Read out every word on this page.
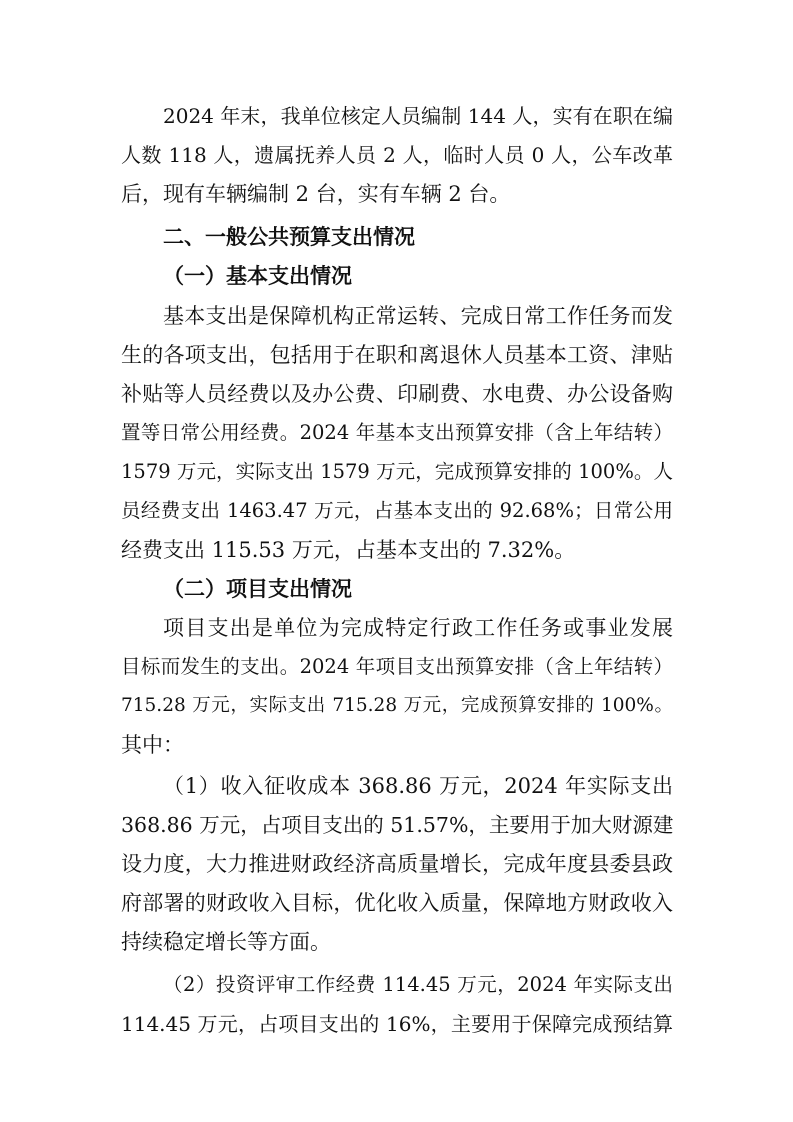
2024 年末，我单位核定人员编制 144 人，实有在职在编
人数 118 人，遗属抚养人员 2 人，临时人员 0 人，公车改革
后，现有车辆编制 2 台，实有车辆 2 台。
二、一般公共预算支出情况
（一）基本支出情况
基本支出是保障机构正常运转、完成日常工作任务而发
生的各项支出，包括用于在职和离退休人员基本工资、津贴
补贴等人员经费以及办公费、印刷费、水电费、办公设备购
置等日常公用经费。2024 年基本支出预算安排（含上年结转）
1579 万元，实际支出 1579 万元，完成预算安排的 100%。人
员经费支出 1463.47 万元，占基本支出的 92.68%；日常公用
经费支出 115.53 万元，占基本支出的 7.32%。
（二）项目支出情况
项目支出是单位为完成特定行政工作任务或事业发展
目标而发生的支出。2024 年项目支出预算安排（含上年结转）
715.28 万元，实际支出 715.28 万元，完成预算安排的 100%。
其中：
（1）收入征收成本 368.86 万元，2024 年实际支出
368.86 万元，占项目支出的 51.57%，主要用于加大财源建
设力度，大力推进财政经济高质量增长，完成年度县委县政
府部署的财政收入目标，优化收入质量，保障地方财政收入
持续稳定增长等方面。
（2）投资评审工作经费 114.45 万元，2024 年实际支出
114.45 万元，占项目支出的 16%，主要用于保障完成预结算
